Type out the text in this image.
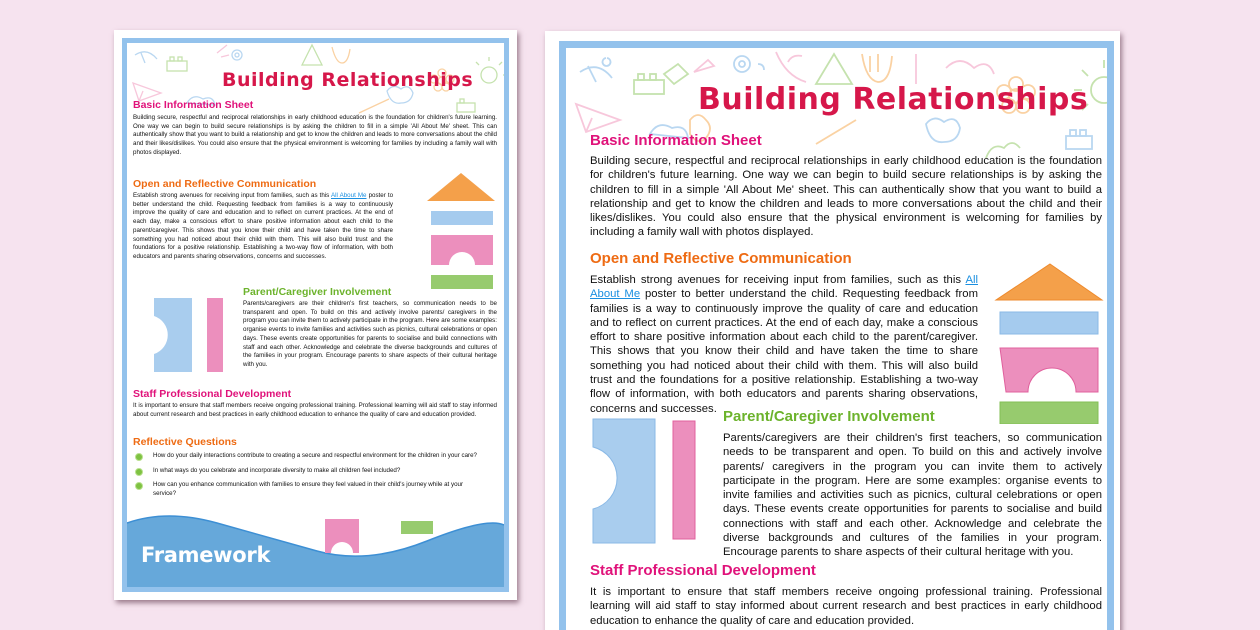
Building Relationships
Basic Information Sheet
Building secure, respectful and reciprocal relationships in early childhood education is the foundation for children's future learning. One way we can begin to build secure relationships is by asking the children to fill in a simple 'All About Me' sheet. This can authentically show that you want to build a relationship and get to know the children and leads to more conversations about the child and their likes/dislikes. You could also ensure that the physical environment is welcoming for families by including a family wall with photos displayed.
Open and Reflective Communication
Establish strong avenues for receiving input from families, such as this All About Me poster to better understand the child. Requesting feedback from families is a way to continuously improve the quality of care and education and to reflect on current practices. At the end of each day, make a conscious effort to share positive information about each child to the parent/caregiver. This shows that you know their child and have taken the time to share something you had noticed about their child with them. This will also build trust and the foundations for a positive relationship. Establishing a two-way flow of information, with both educators and parents sharing observations, concerns and successes.
Parent/Caregiver Involvement
Parents/caregivers are their children's first teachers, so communication needs to be transparent and open. To build on this and actively involve parents/ caregivers in the program you can invite them to actively participate in the program. Here are some examples: organise events to invite families and activities such as picnics, cultural celebrations or open days. These events create opportunities for parents to socialise and build connections with staff and each other. Acknowledge and celebrate the diverse backgrounds and cultures of the families in your program. Encourage parents to share aspects of their cultural heritage with you.
Staff Professional Development
It is important to ensure that staff members receive ongoing professional training. Professional learning will aid staff to stay informed about current research and best practices in early childhood education to enhance the quality of care and education provided.
Reflective Questions
How do your daily interactions contribute to creating a secure and respectful environment for the children in your care?
In what ways do you celebrate and incorporate diversity to make all children feel included?
How can you enhance communication with families to ensure they feel valued in their child's journey while at your service?
Framework
Building Relationships
Basic Information Sheet
Building secure, respectful and reciprocal relationships in early childhood education is the foundation for children's future learning. One way we can begin to build secure relationships is by asking the children to fill in a simple 'All About Me' sheet. This can authentically show that you want to build a relationship and get to know the children and leads to more conversations about the child and their likes/dislikes. You could also ensure that the physical environment is welcoming for families by including a family wall with photos displayed.
Open and Reflective Communication
Establish strong avenues for receiving input from families, such as this All About Me poster to better understand the child. Requesting feedback from families is a way to continuously improve the quality of care and education and to reflect on current practices. At the end of each day, make a conscious effort to share positive information about each child to the parent/caregiver. This shows that you know their child and have taken the time to share something you had noticed about their child with them. This will also build trust and the foundations for a positive relationship. Establishing a two-way flow of information, with both educators and parents sharing observations, concerns and successes. Parent/Caregiver Involvement
Parents/caregivers are their children's first teachers, so communication needs to be transparent and open. To build on this and actively involve parents/ caregivers in the program you can invite them to actively participate in the program. Here are some examples: organise events to invite families and activities such as picnics, cultural celebrations or open days. These events create opportunities for parents to socialise and build connections with staff and each other. Acknowledge and celebrate the diverse backgrounds and cultures of the families in your program. Encourage parents to share aspects of their cultural heritage with you.
Staff Professional Development
It is important to ensure that staff members receive ongoing professional training. Professional learning will aid staff to stay informed about current research and best practices in early childhood education to enhance the quality of care and education provided.
